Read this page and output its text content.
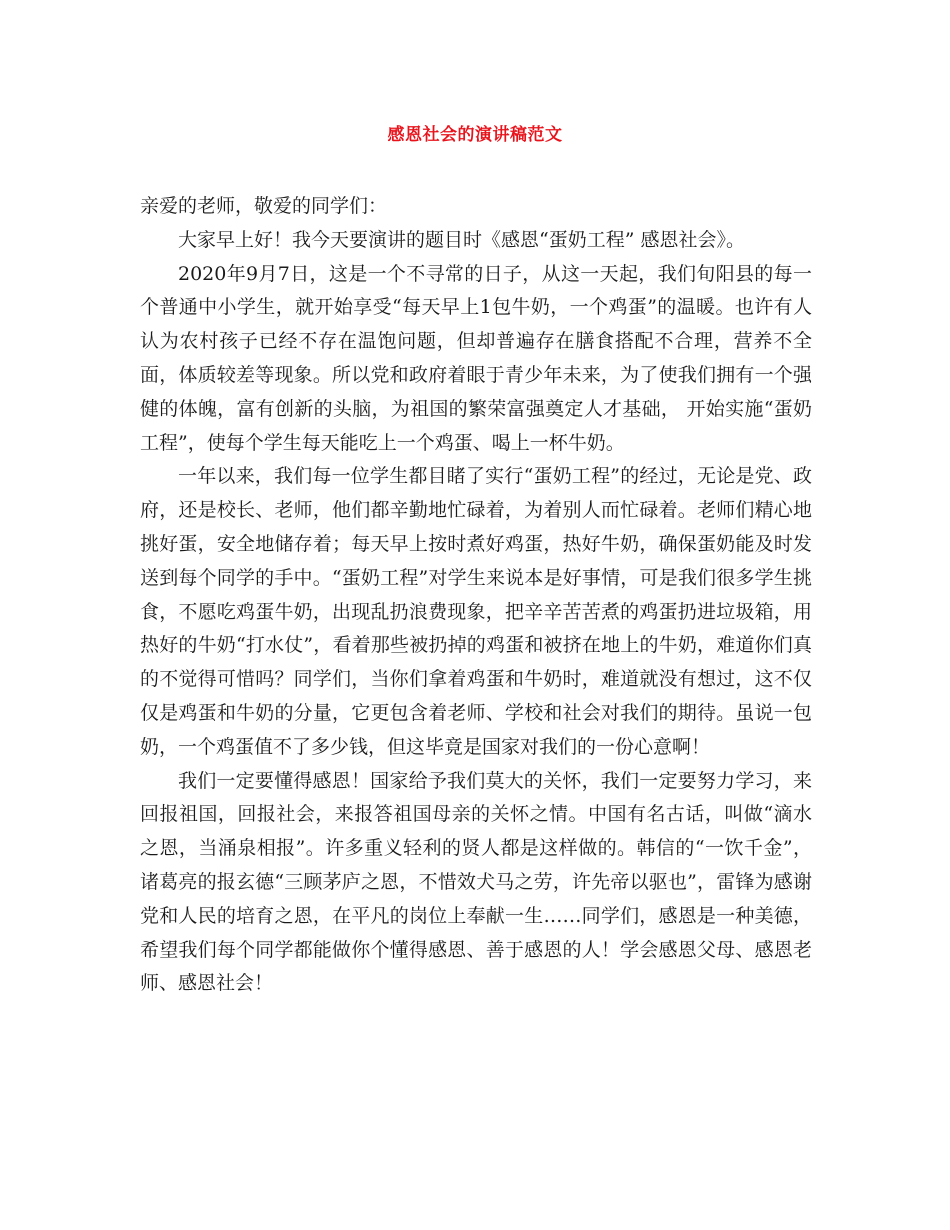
感恩社会的演讲稿范文

亲爱的老师，敬爱的同学们：

大家早上好！我今天要演讲的题目时《感恩“蛋奶工程” 感恩社会》。

2020年9月7日，这是一个不寻常的日子，从这一天起，我们旬阳县的每一个普通中小学生，就开始享受“每天早上1包牛奶，一个鸡蛋”的温暖。也许有人认为农村孩子已经不存在温饱问题，但却普遍存在膳食搭配不合理，营养不全面，体质较差等现象。所以党和政府着眼于青少年未来，为了使我们拥有一个强健的体魄，富有创新的头脑，为祖国的繁荣富强奠定人才基础， 开始实施“蛋奶工程”，使每个学生每天能吃上一个鸡蛋、喝上一杯牛奶。

一年以来，我们每一位学生都目睹了实行“蛋奶工程”的经过，无论是党、政府，还是校长、老师，他们都辛勤地忙碌着，为着别人而忙碌着。老师们精心地挑好蛋，安全地储存着；每天早上按时煮好鸡蛋，热好牛奶，确保蛋奶能及时发送到每个同学的手中。“蛋奶工程”对学生来说本是好事情，可是我们很多学生挑食，不愿吃鸡蛋牛奶，出现乱扔浪费现象，把辛辛苦苦煮的鸡蛋扔进垃圾箱，用热好的牛奶“打水仗”，看着那些被扔掉的鸡蛋和被挤在地上的牛奶，难道你们真的不觉得可惜吗？同学们，当你们拿着鸡蛋和牛奶时，难道就没有想过，这不仅仅是鸡蛋和牛奶的分量，它更包含着老师、学校和社会对我们的期待。虽说一包奶，一个鸡蛋值不了多少钱，但这毕竟是国家对我们的一份心意啊！

我们一定要懂得感恩！国家给予我们莫大的关怀，我们一定要努力学习，来回报祖国，回报社会，来报答祖国母亲的关怀之情。中国有名古话，叫做“滴水之恩，当涌泉相报”。许多重义轻利的贤人都是这样做的。韩信的“一饮千金”，诸葛亮的报玄德“三顾茅庐之恩，不惜效犬马之劳，许先帝以驱也”，雷锋为感谢党和人民的培育之恩，在平凡的岗位上奉献一生……同学们，感恩是一种美德，希望我们每个同学都能做你个懂得感恩、善于感恩的人！学会感恩父母、感恩老师、感恩社会！
